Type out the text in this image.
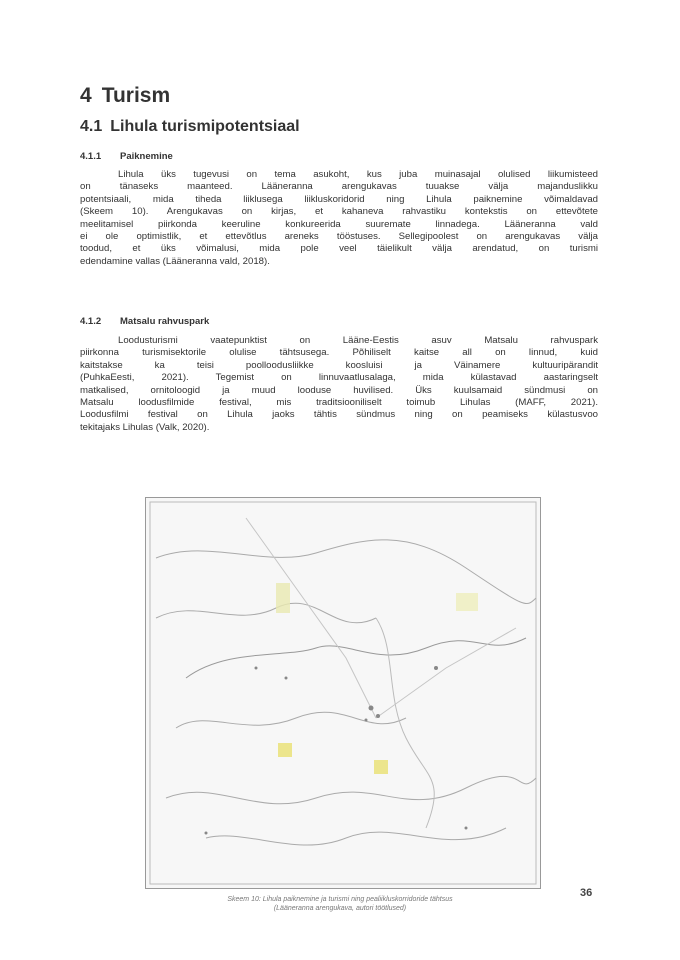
4 Turism
4.1 Lihula turismipotentsiaal
4.1.1 Paiknemine
Lihula üks tugevusi on tema asukoht, kus juba muinasajal olulised liikumisteed
on tänaseks maanteed. Lääneranna arengukavas tuuakse välja majanduslikku
potentsiaali, mida tiheda liiklusega liikluskoridorid ning Lihula paiknemine võimaldavad
(Skeem 10). Arengukavas on kirjas, et kahaneva rahvastiku kontekstis on ettevõtete
meelitamisel piirkonda keeruline konkureerida suuremate linnadega. Lääneranna vald
ei ole optimistlik, et ettevõtlus areneks tööstuses. Sellegipoolest on arengukavas välja
toodud, et üks võimalusi, mida pole veel täielikult välja arendatud, on turismi
edendamine vallas (Lääneranna vald, 2018).
4.1.2 Matsalu rahvuspark
Loodusturismi vaatepunktist on Lääne-Eestis asuv Matsalu rahvuspark
piirkonna turismisektorile olulise tähtsusega. Põhiliselt kaitse all on linnud, kuid
kaitstakse ka teisi poolloodusliikke koosluisi ja Väinamere kultuuripärandit
(PuhkaEesti, 2021). Tegemist on linnuvaatlusalaga, mida külastavad aastaringselt
matkalised, ornitoloogid ja muud looduse huvilised. Üks kuulsamaid sündmusi on
Matsalu loodusfilmide festival, mis traditsiooniliselt toimub Lihulas (MAFF, 2021).
Loodusfilmi festival on Lihula jaoks tähtis sündmus ning on peamiseks külastusvoo
tekitajaks Lihulas (Valk, 2020).
Skeem 10: Lihula paiknemine ja turismi ning pealiikluskorridoride tähtsus
(Lääneranna arengukava, autori töötlused)
36
